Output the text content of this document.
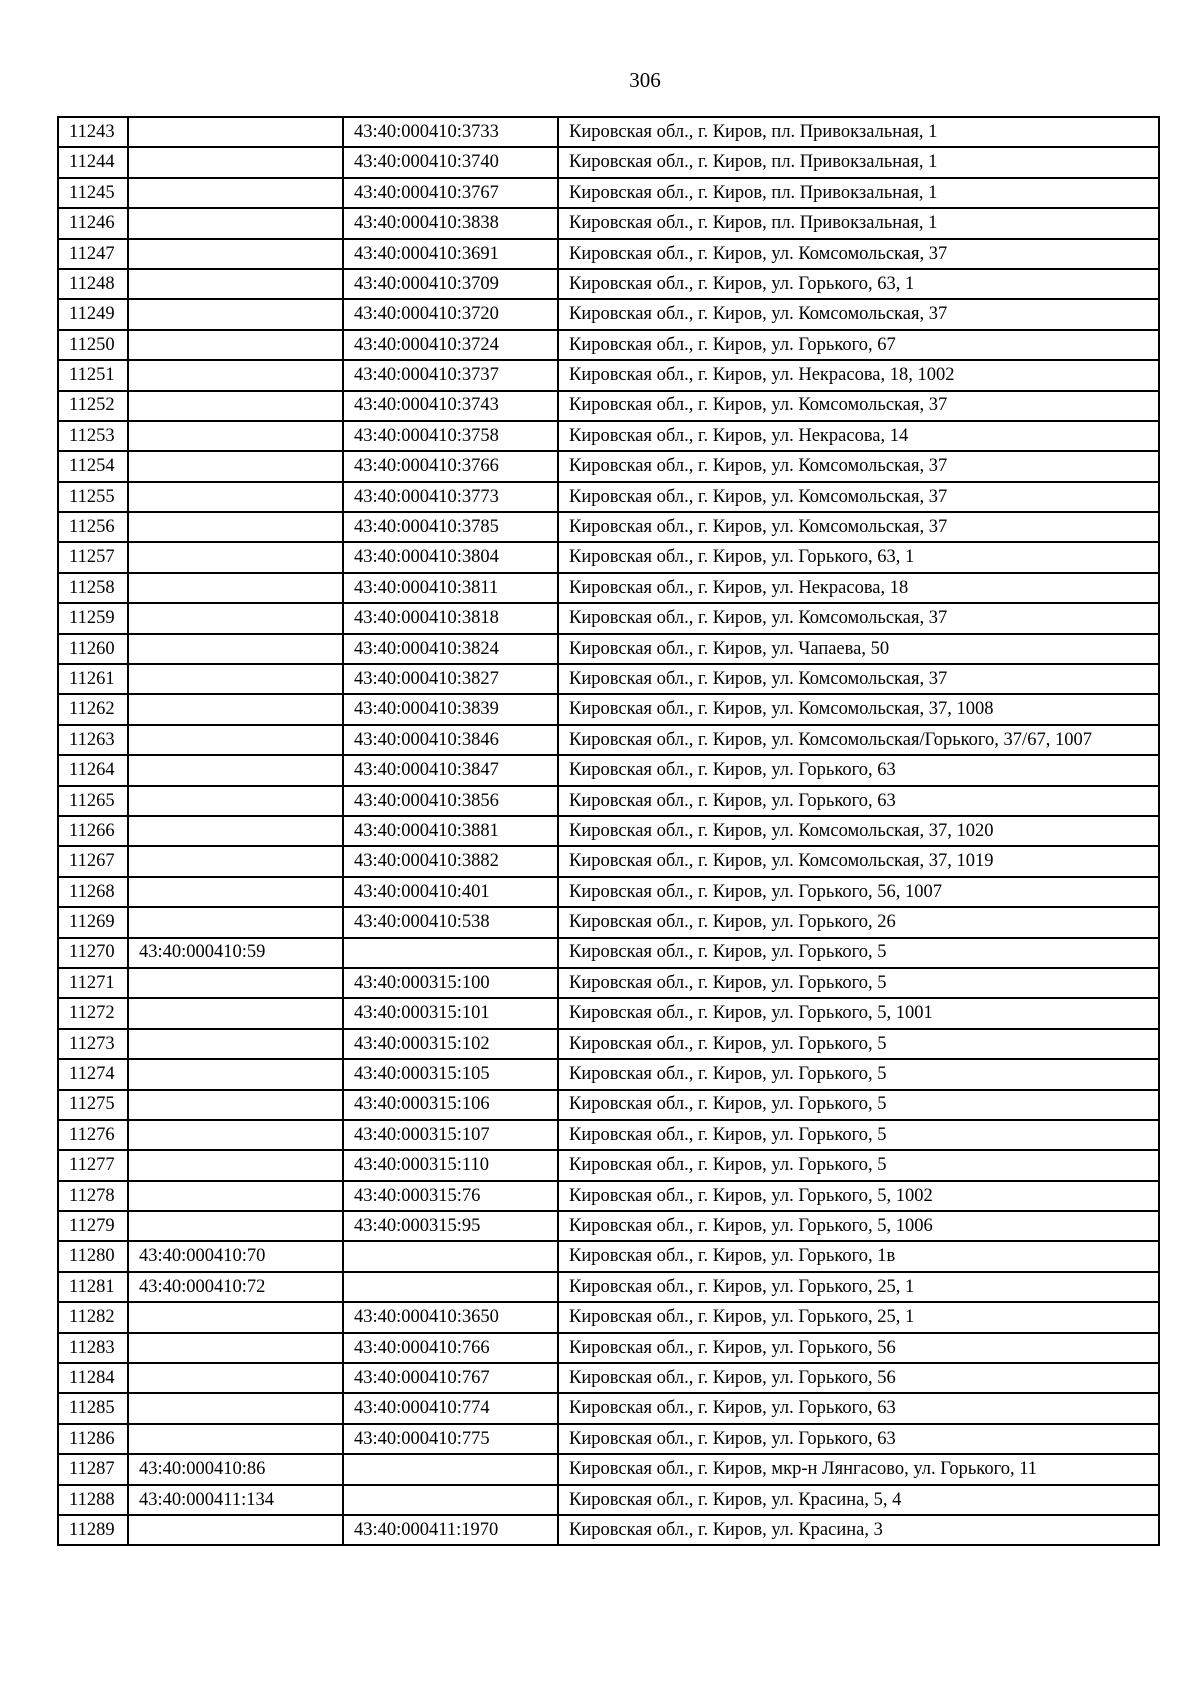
306
11243		43:40:000410:3733	Кировская обл., г. Киров, пл. Привокзальная, 1
11244		43:40:000410:3740	Кировская обл., г. Киров, пл. Привокзальная, 1
11245		43:40:000410:3767	Кировская обл., г. Киров, пл. Привокзальная, 1
11246		43:40:000410:3838	Кировская обл., г. Киров, пл. Привокзальная, 1
11247		43:40:000410:3691	Кировская обл., г. Киров, ул. Комсомольская, 37
11248		43:40:000410:3709	Кировская обл., г. Киров, ул. Горького, 63, 1
11249		43:40:000410:3720	Кировская обл., г. Киров, ул. Комсомольская, 37
11250		43:40:000410:3724	Кировская обл., г. Киров, ул. Горького, 67
11251		43:40:000410:3737	Кировская обл., г. Киров, ул. Некрасова, 18, 1002
11252		43:40:000410:3743	Кировская обл., г. Киров, ул. Комсомольская, 37
11253		43:40:000410:3758	Кировская обл., г. Киров, ул. Некрасова, 14
11254		43:40:000410:3766	Кировская обл., г. Киров, ул. Комсомольская, 37
11255		43:40:000410:3773	Кировская обл., г. Киров, ул. Комсомольская, 37
11256		43:40:000410:3785	Кировская обл., г. Киров, ул. Комсомольская, 37
11257		43:40:000410:3804	Кировская обл., г. Киров, ул. Горького, 63, 1
11258		43:40:000410:3811	Кировская обл., г. Киров, ул. Некрасова, 18
11259		43:40:000410:3818	Кировская обл., г. Киров, ул. Комсомольская, 37
11260		43:40:000410:3824	Кировская обл., г. Киров, ул. Чапаева, 50
11261		43:40:000410:3827	Кировская обл., г. Киров, ул. Комсомольская, 37
11262		43:40:000410:3839	Кировская обл., г. Киров, ул. Комсомольская, 37, 1008
11263		43:40:000410:3846	Кировская обл., г. Киров, ул. Комсомольская/Горького, 37/67, 1007
11264		43:40:000410:3847	Кировская обл., г. Киров, ул. Горького, 63
11265		43:40:000410:3856	Кировская обл., г. Киров, ул. Горького, 63
11266		43:40:000410:3881	Кировская обл., г. Киров, ул. Комсомольская, 37, 1020
11267		43:40:000410:3882	Кировская обл., г. Киров, ул. Комсомольская, 37, 1019
11268		43:40:000410:401	Кировская обл., г. Киров, ул. Горького, 56, 1007
11269		43:40:000410:538	Кировская обл., г. Киров, ул. Горького, 26
11270	43:40:000410:59		Кировская обл., г. Киров, ул. Горького, 5
11271		43:40:000315:100	Кировская обл., г. Киров, ул. Горького, 5
11272		43:40:000315:101	Кировская обл., г. Киров, ул. Горького, 5, 1001
11273		43:40:000315:102	Кировская обл., г. Киров, ул. Горького, 5
11274		43:40:000315:105	Кировская обл., г. Киров, ул. Горького, 5
11275		43:40:000315:106	Кировская обл., г. Киров, ул. Горького, 5
11276		43:40:000315:107	Кировская обл., г. Киров, ул. Горького, 5
11277		43:40:000315:110	Кировская обл., г. Киров, ул. Горького, 5
11278		43:40:000315:76	Кировская обл., г. Киров, ул. Горького, 5, 1002
11279		43:40:000315:95	Кировская обл., г. Киров, ул. Горького, 5, 1006
11280	43:40:000410:70		Кировская обл., г. Киров, ул. Горького, 1в
11281	43:40:000410:72		Кировская обл., г. Киров, ул. Горького, 25, 1
11282		43:40:000410:3650	Кировская обл., г. Киров, ул. Горького, 25, 1
11283		43:40:000410:766	Кировская обл., г. Киров, ул. Горького, 56
11284		43:40:000410:767	Кировская обл., г. Киров, ул. Горького, 56
11285		43:40:000410:774	Кировская обл., г. Киров, ул. Горького, 63
11286		43:40:000410:775	Кировская обл., г. Киров, ул. Горького, 63
11287	43:40:000410:86		Кировская обл., г. Киров, мкр-н Лянгасово, ул. Горького, 11
11288	43:40:000411:134		Кировская обл., г. Киров, ул. Красина, 5, 4
11289		43:40:000411:1970	Кировская обл., г. Киров, ул. Красина, 3
